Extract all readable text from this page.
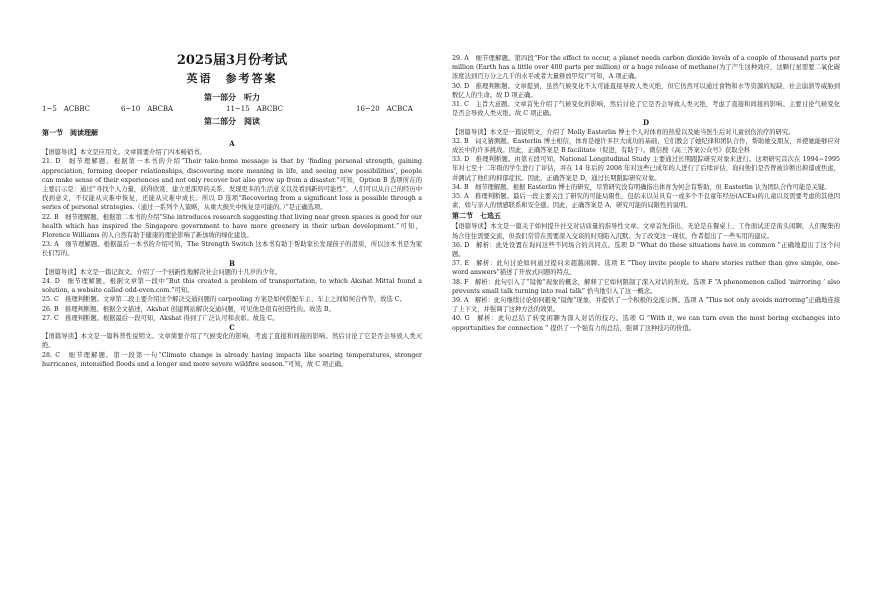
2025届3月份考试

英语　参考答案

第一部分　听力

1~5　ACBBC	6~10　ABCBA	11~15　ABCBC	16~20　ACBCA

第二部分　阅读

第一节　阅读理解

A

【语篇导读】本文是应用文。文章简要介绍了四本畅销书。

21. D　细节理解题。根据第一本书的介绍“Their take-home message is that by ‘finding personal strength, gaining appreciation, forming deeper relationships, discovering more meaning in life, and seeing new possibilities’, people can make sense of their experiences and not only recover but also grow up from a disaster.”可知，Option B 选项所在的主要启示是：通过“寻找个人力量，获得欣赏、建立更深厚的关系、发现更多的生活意义以及看到新的可能性”，人们可以从自己的经历中找到意义，不仅能从灾难中恢复，还能从灾难中成长。所以 D 选项“Recovering from a significant loss is possible through a series of personal strategies.（通过一系列个人策略，从重大损失中恢复是可能的。）”是正确选项。

22. B　细节理解题。根据第二本书的介绍“She introduces research suggesting that living near green spaces is good for our health which has inspired the Singapore government to have more greenery in their urban development.”可知，Florence Williams 的人自然有助于健康的理论影响了新加坡的绿化建设。

23. A　细节理解题。根据最后一本书的介绍可知，The Strength Switch 这本书有助于帮助家长发现孩子的潜质，所以这本书是为家长们写的。

B

【语篇导读】本文是一篇记叙文。介绍了一个创新性地解决社会问题的十几岁的少年。

24. D　细节理解题。根据文章第一段中“But this created a problem of transportation, to which Akshat Mittal found a solution, a website called odd-even.com.”可知。

25. C　推理判断题。文章第二段主要介绍这个解决交通问题的 carpooling 方案是如何搭配车主、车主之间如何合作等，故选 C。

26. B　推理判断题。根据全文描述，Akshat 创建网站解决交通问题，可见他是很有创造性的。故选 B。

27. C　推理判断题。根据最后一段可知，Akshat 得到了广泛认可和表彰。故选 C。

C

【语篇导读】本文是一篇科普性说明文。文章简要介绍了气候变化的影响，考虑了直接和间接的影响。然后讨论了它是否会导致人类灭绝。

28. C　细节理解题。第一段第一句“Climate change is already having impacts like soaring temperatures, stronger hurricanes, intensified floods and a longer and more severe wildfire season.”可知，故 C 项正确。

29. A　细节理解题。第四段“For the effect to occur, a planet needs carbon dioxide levels of a couple of thousand parts per million (Earth has a little over 400 parts per million) or a huge release of methane(为了产生这种效应，这颗行星需要二氧化碳浓度达到百万分之几千的水平或者大量释放甲烷)”可知，A 项正确。

30. D　推理判断题。文章提到，虽然气候变化不太可能直接导致人类灭绝，但它仍然可以通过食物和水等资源的短缺、社会崩溃等威胁到数亿人的生命。故 D 项正确。

31. C　主旨大意题。文章首先介绍了气候变化的影响，然后讨论了它是否会导致人类灭绝，考虑了直接和间接的影响。主要讨论气候变化是否会导致人类灭绝。故 C 项正确。

D

【语篇导读】本文是一篇说明文，介绍了 Molly Easterlin 博士个人对体育的热爱以及她当医生后对儿童创伤治疗的研究。

32. B　词义猜测题。Easterlin 博士相信，体育是她许多巨大成功的基础，它们教会了她纪律和团队合作，帮助她交朋友，并使她能够应对成长中的许多挑战。因此，正确答案是 B facilitate（促进，有助于）。微信搜《高三答案公众号》获取全科

33. D　推理判断题。由第五段可知，National Longitudinal Study 主要通过长期跟踪研究对象来进行。这项研究首次在 1994~1995 年对七至十二年级的学生进行了评估，并在 14 年后的 2008 年对这些已成年的人进行了后续评估，询问他们是否曾被诊断出抑郁或焦虑，并测试了他们的抑郁症状。因此，正确答案是 D，通过长期跟踪研究对象。

34. B　细节理解题。根据 Easterlin 博士的研究，尽管研究没有明确指出体育为何会有帮助，但 Easterlin 认为团队合作可能是关键。

35. A　推理判断题。最后一段主要关注了研究的可能局限性，包括未以另具有一或多个不良童年经历(ACEs)的儿童以及需要考虑的其他因素，如与亲人的情感联系和安全感。因此，正确答案是 A，研究可能的局限性的说明。

第二节　七选五

【语篇导读】本文是一篇关于如何提升社交对话质量的指导性文章。文章首先指出，无论是在餐桌上、工作面试还是街头闲聊，人们聚集的场合往往需要交流，但我们常常在需要深入交谈的时刻陷入沉默。为了改变这一现状，作者提出了一些实用的建议。

36. D　解析：此处设置在询问这些不同场合的共同点。选项 D “What do these situations have in common ”正确地提出了这个问题。

37. E　解析：此句讨论如何通过提问来超越闲聊。选项 E “They invite people to share stories rather than give simple, one-word answers”描述了开放式问题的特点。

38. F　解析：此句引入了“镜像”现象的概念，解释了它如何限制了深入对话的形成。选项 F “A phenomenon called ‘mirroring ’ also prevents small talk turning into real talk” 恰当地引入了这一概念。

39. A　解析：此句继续讨论如何避免“镜像”现象，并提供了一个积极的交流示例。选项 A “This not only avoids mirroring”正确地连接了上下文，并强调了这种方法的效果。

40. G　解析：此句总结了转变闲聊为深入对话的技巧。选项 G “With it, we can turn even the most boring exchanges into opportunities for connection ” 提供了一个强有力的总结，强调了这种技巧的价值。
